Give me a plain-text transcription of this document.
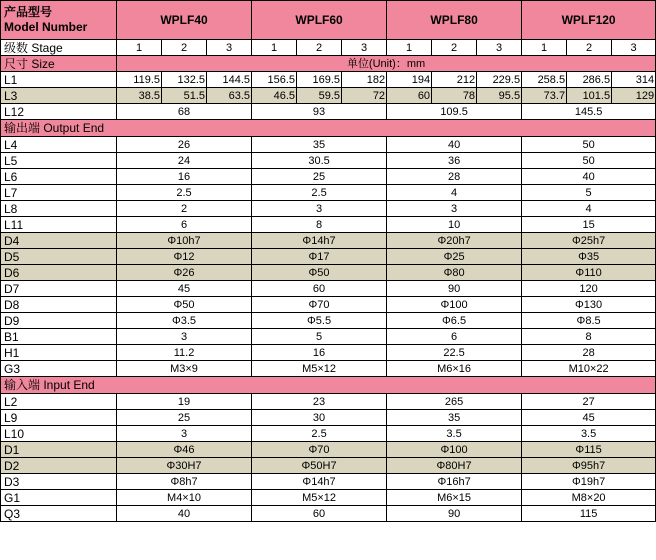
产品型号
Model Number	WPLF40			WPLF60			WPLF80			WPLF120		
级数 Stage	1	2	3	1	2	3	1	2	3	1	2	3
尺寸 Size	单位(Unit)：mm											
L1	119.5	132.5	144.5	156.5	169.5	182	194	212	229.5	258.5	286.5	314
L3	38.5	51.5	63.5	46.5	59.5	72	60	78	95.5	73.7	101.5	129
L12	68			93			109.5			145.5		
输出端 Output End												
L4	26			35			40			50		
L5	24			30.5			36			50		
L6	16			25			28			40		
L7	2.5			2.5			4			5		
L8	2			3			3			4		
L11	6			8			10			15		
D4	Φ10h7			Φ14h7			Φ20h7			Φ25h7		
D5	Φ12			Φ17			Φ25			Φ35		
D6	Φ26			Φ50			Φ80			Φ110		
D7	45			60			90			120		
D8	Φ50			Φ70			Φ100			Φ130		
D9	Φ3.5			Φ5.5			Φ6.5			Φ8.5		
B1	3			5			6			8		
H1	11.2			16			22.5			28		
G3	M3×9			M5×12			M6×16			M10×22		
输入端 Input End												
L2	19			23			265			27		
L9	25			30			35			45		
L10	3			2.5			3.5			3.5		
D1	Φ46			Φ70			Φ100			Φ115		
D2	Φ30H7			Φ50H7			Φ80H7			Φ95h7		
D3	Φ8h7			Φ14h7			Φ16h7			Φ19h7		
G1	M4×10			M5×12			M6×15			M8×20		
Q3	40			60			90			115		
